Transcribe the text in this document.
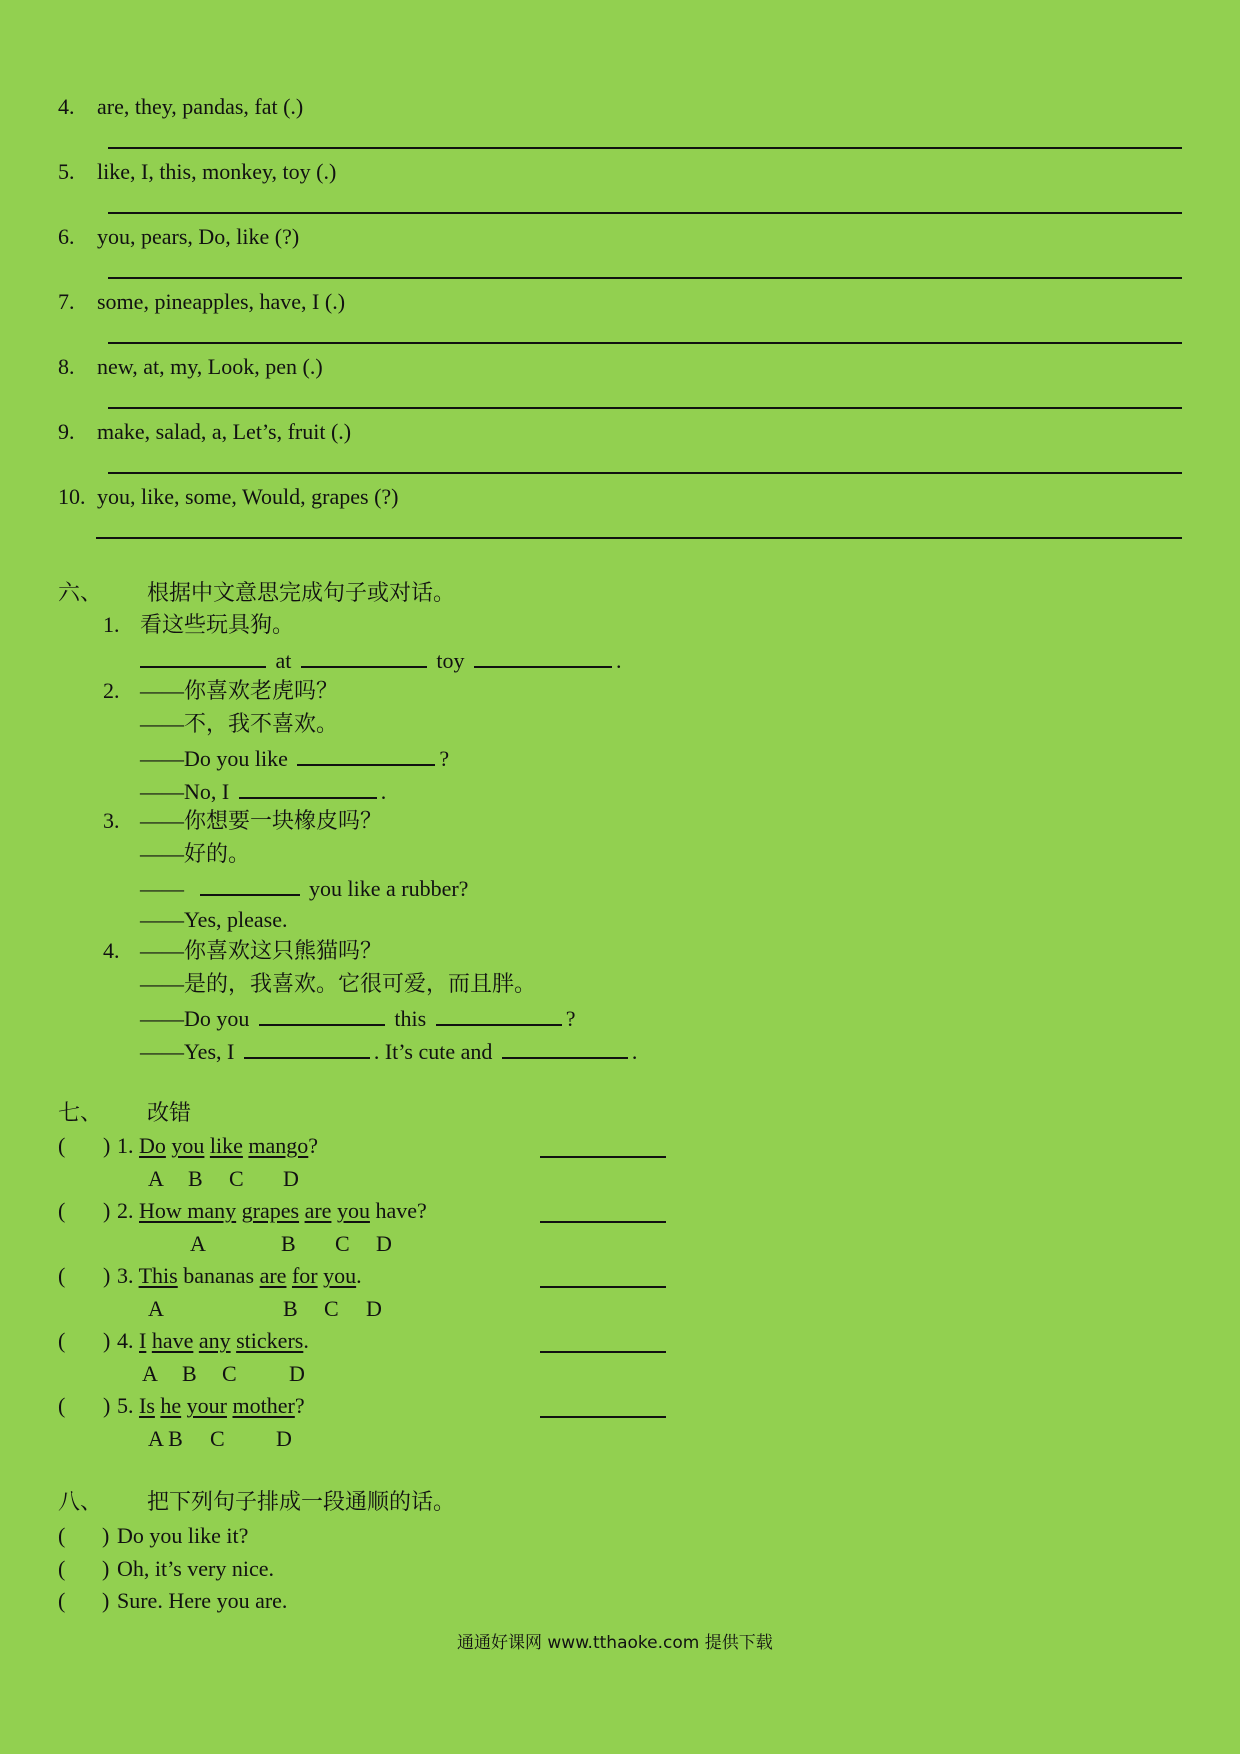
4. are, they, pandas, fat (.)
5. like, I, this, monkey, toy (.)
6. you, pears, Do, like (?)
7. some, pineapples, have, I (.)
8. new, at, my, Look, pen (.)
9. make, salad, a, Let’s, fruit (.)
10. you, like, some, Would, grapes (?)
六、 根据中文意思完成句子或对话。
1. 看这些玩具狗。
at	toy	.
2. ——你喜欢老虎吗？
——不，我不喜欢。
——Do you like	?
——No, I	.
3. ——你想要一块橡皮吗？
——好的。
——	you like a rubber?
——Yes, please.
4. ——你喜欢这只熊猫吗？
——是的，我喜欢。它很可爱，而且胖。
——Do you	this	?
——Yes, I	. It’s cute and	.
七、 改错
( ) 1. Do you like mango?
A B C D
( ) 2. How many grapes are you have?
A	B C D
( ) 3. This bananas are for you.
A	B C D
( ) 4. I have any stickers.
A B C D
( ) 5. Is he your mother?
A B C D
八、 把下列句子排成一段通顺的话。
( ) Do you like it?
( ) Oh, it’s very nice.
( ) Sure. Here you are.
通通好课网 www.tthaoke.com 提供下载
